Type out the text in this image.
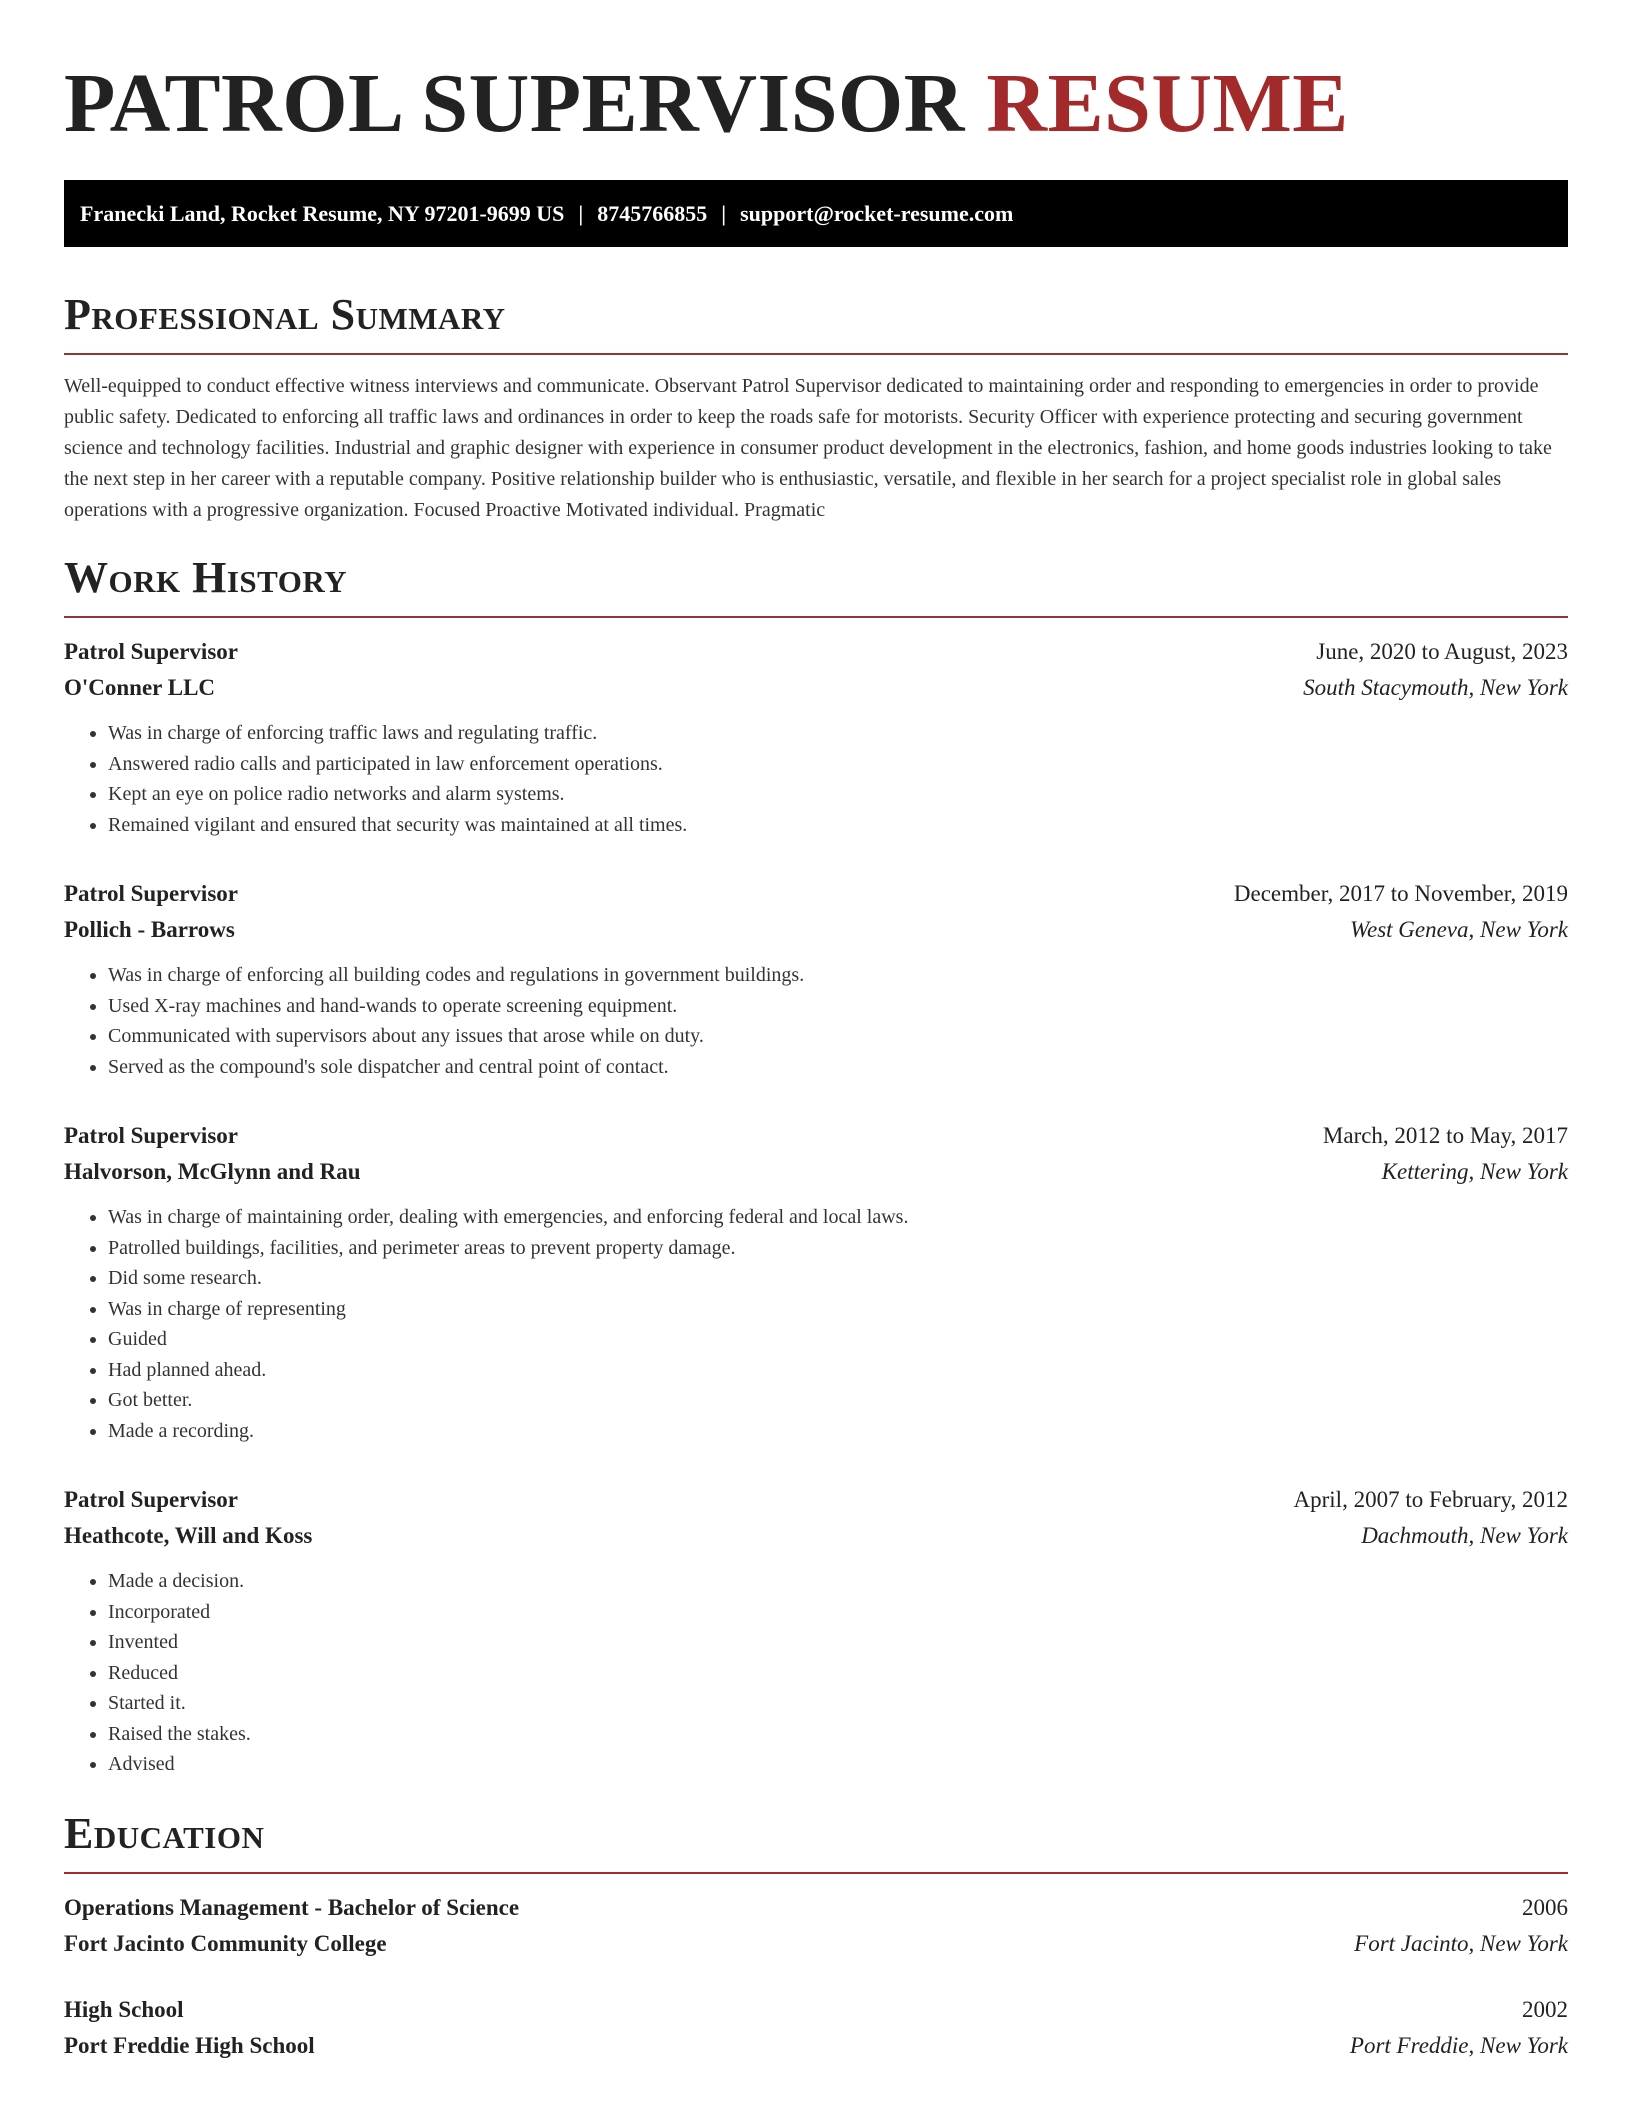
PATROL SUPERVISOR RESUME
Franecki Land, Rocket Resume, NY 97201-9699 US | 8745766855 | support@rocket-resume.com
Professional Summary

Well-equipped to conduct effective witness interviews and communicate. Observant Patrol Supervisor dedicated to maintaining order and responding to emergencies in order to provide public safety. Dedicated to enforcing all traffic laws and ordinances in order to keep the roads safe for motorists. Security Officer with experience protecting and securing government science and technology facilities. Industrial and graphic designer with experience in consumer product development in the electronics, fashion, and home goods industries looking to take the next step in her career with a reputable company. Positive relationship builder who is enthusiastic, versatile, and flexible in her search for a project specialist role in global sales operations with a progressive organization. Focused Proactive Motivated individual. Pragmatic

Work History
Patrol Supervisor	June, 2020 to August, 2023
O'Conner LLC	South Stacymouth, New York
• Was in charge of enforcing traffic laws and regulating traffic.
• Answered radio calls and participated in law enforcement operations.
• Kept an eye on police radio networks and alarm systems.
• Remained vigilant and ensured that security was maintained at all times.
Patrol Supervisor	December, 2017 to November, 2019
Pollich - Barrows	West Geneva, New York
• Was in charge of enforcing all building codes and regulations in government buildings.
• Used X-ray machines and hand-wands to operate screening equipment.
• Communicated with supervisors about any issues that arose while on duty.
• Served as the compound's sole dispatcher and central point of contact.
Patrol Supervisor	March, 2012 to May, 2017
Halvorson, McGlynn and Rau	Kettering, New York
• Was in charge of maintaining order, dealing with emergencies, and enforcing federal and local laws.
• Patrolled buildings, facilities, and perimeter areas to prevent property damage.
• Did some research.
• Was in charge of representing
• Guided
• Had planned ahead.
• Got better.
• Made a recording.
Patrol Supervisor	April, 2007 to February, 2012
Heathcote, Will and Koss	Dachmouth, New York
• Made a decision.
• Incorporated
• Invented
• Reduced
• Started it.
• Raised the stakes.
• Advised
Education
Operations Management - Bachelor of Science	2006
Fort Jacinto Community College	Fort Jacinto, New York
High School	2002
Port Freddie High School	Port Freddie, New York
